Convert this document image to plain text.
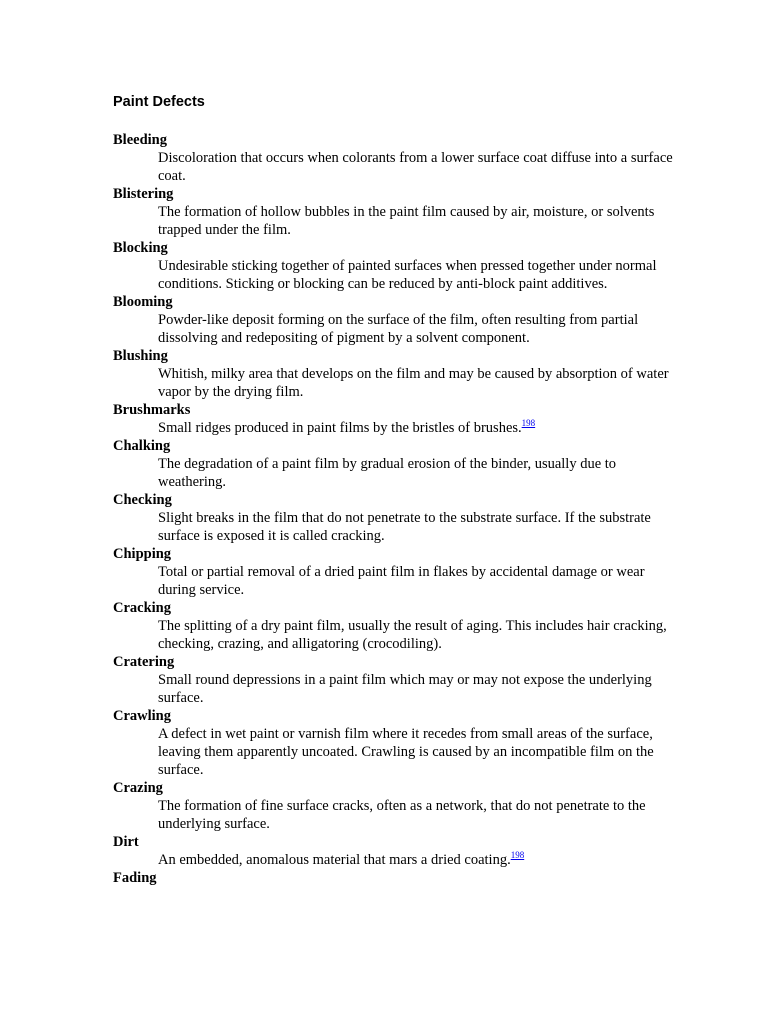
Paint Defects
Bleeding
Discoloration that occurs when colorants from a lower surface coat diffuse into a surface coat.
Blistering
The formation of hollow bubbles in the paint film caused by air, moisture, or solvents trapped under the film.
Blocking
Undesirable sticking together of painted surfaces when pressed together under normal conditions. Sticking or blocking can be reduced by anti-block paint additives.
Blooming
Powder-like deposit forming on the surface of the film, often resulting from partial dissolving and redepositing of pigment by a solvent component.
Blushing
Whitish, milky area that develops on the film and may be caused by absorption of water vapor by the drying film.
Brushmarks
Small ridges produced in paint films by the bristles of brushes.$^{198}$
Chalking
The degradation of a paint film by gradual erosion of the binder, usually due to weathering.
Checking
Slight breaks in the film that do not penetrate to the substrate surface. If the substrate surface is exposed it is called cracking.
Chipping
Total or partial removal of a dried paint film in flakes by accidental damage or wear during service.
Cracking
The splitting of a dry paint film, usually the result of aging. This includes hair cracking, checking, crazing, and alligatoring (crocodiling).
Cratering
Small round depressions in a paint film which may or may not expose the underlying surface.
Crawling
A defect in wet paint or varnish film where it recedes from small areas of the surface, leaving them apparently uncoated. Crawling is caused by an incompatible film on the surface.
Crazing
The formation of fine surface cracks, often as a network, that do not penetrate to the underlying surface.
Dirt
An embedded, anomalous material that mars a dried coating.$^{198}$
Fading
